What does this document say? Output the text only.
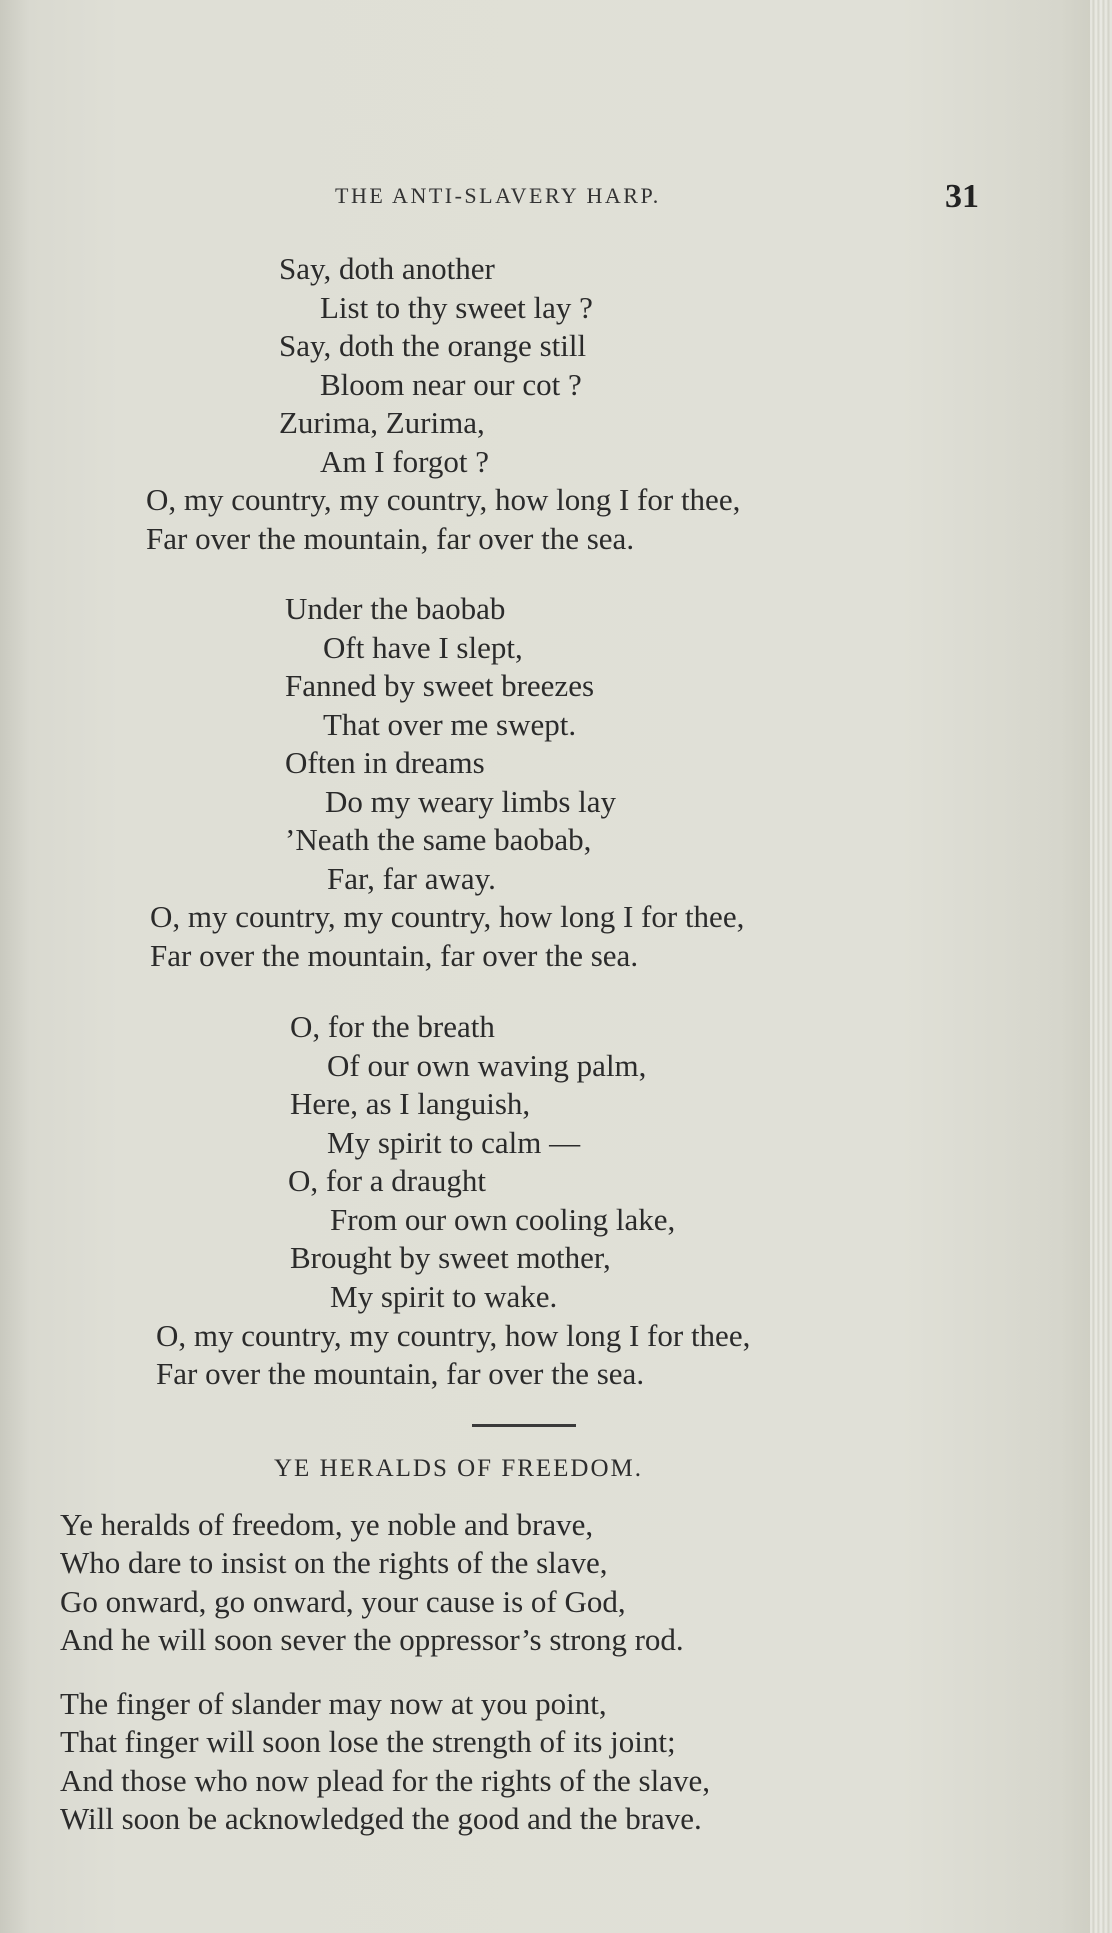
THE ANTI-SLAVERY HARP.	31
Say, doth another
List to thy sweet lay ?
Say, doth the orange still
Bloom near our cot ?
Zurima, Zurima,
Am I forgot ?
O, my country, my country, how long I for thee,
Far over the mountain, far over the sea.
Under the baobab
Oft have I slept,
Fanned by sweet breezes
That over me swept.
Often in dreams
Do my weary limbs lay
’Neath the same baobab,
Far, far away.
O, my country, my country, how long I for thee,
Far over the mountain, far over the sea.
O, for the breath
Of our own waving palm,
Here, as I languish,
My spirit to calm —
O, for a draught
From our own cooling lake,
Brought by sweet mother,
My spirit to wake.
O, my country, my country, how long I for thee,
Far over the mountain, far over the sea.
YE HERALDS OF FREEDOM.
Ye heralds of freedom, ye noble and brave,
Who dare to insist on the rights of the slave,
Go onward, go onward, your cause is of God,
And he will soon sever the oppressor’s strong rod.
The finger of slander may now at you point,
That finger will soon lose the strength of its joint;
And those who now plead for the rights of the slave,
Will soon be acknowledged the good and the brave.
